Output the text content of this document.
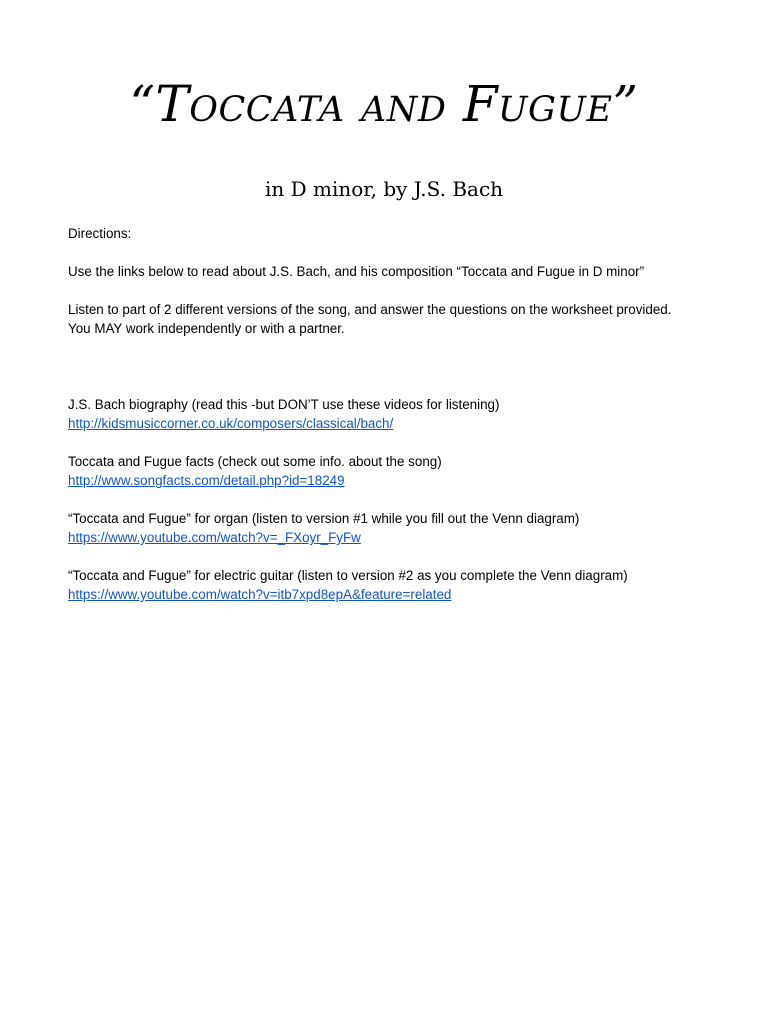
“Toccata and Fugue”
in D minor, by J.S. Bach

Directions:

Use the links below to read about J.S. Bach, and his composition “Toccata and Fugue in D minor”

Listen to part of 2 different versions of the song, and answer the questions on the worksheet provided.

You MAY work independently or with a partner.

J.S. Bach biography (read this -but DON’T use these videos for listening)

http://kidsmusiccorner.co.uk/composers/classical/bach/

Toccata and Fugue facts (check out some info. about the song)

http://www.songfacts.com/detail.php?id=18249

“Toccata and Fugue” for organ (listen to version #1 while you fill out the Venn diagram)

https://www.youtube.com/watch?v=_FXoyr_FyFw

“Toccata and Fugue” for electric guitar (listen to version #2 as you complete the Venn diagram)

https://www.youtube.com/watch?v=itb7xpd8epA&feature=related
